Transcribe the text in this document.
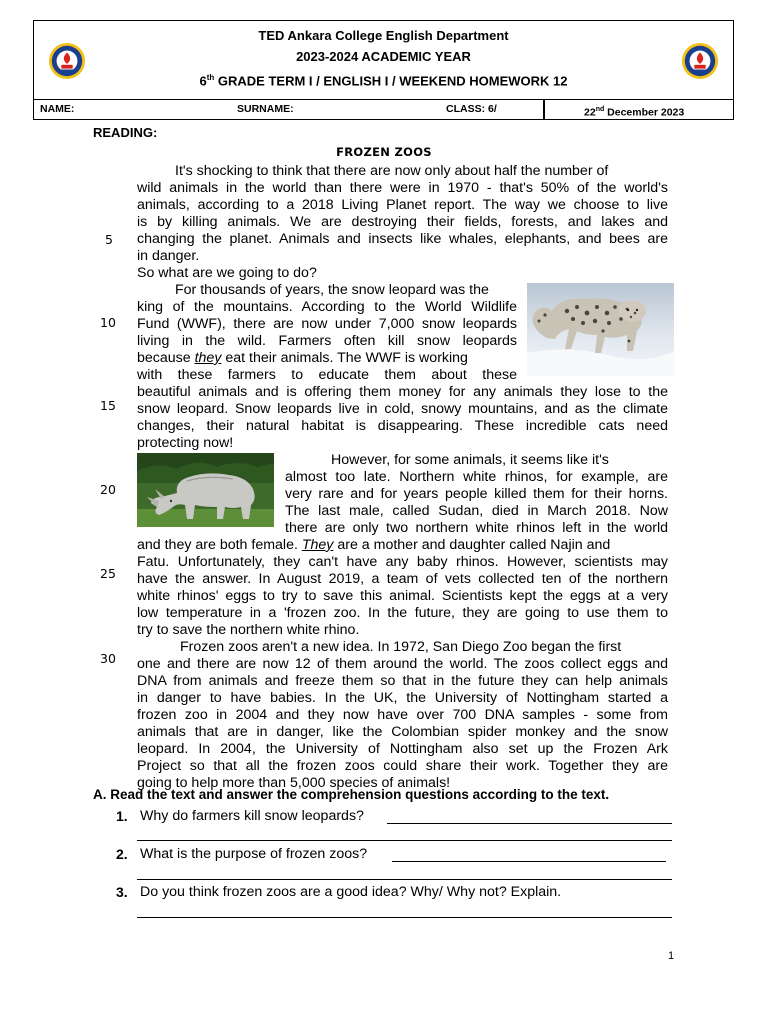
TED Ankara College English Department
2023-2024 ACADEMIC YEAR
6th GRADE TERM I / ENGLISH I / WEEKEND HOMEWORK 12
NAME:	SURNAME:	CLASS: 6/	22nd December 2023
READING:
FROZEN ZOOS
It's shocking to think that there are now only about half the number of
wild animals in the world than there were in 1970 - that's 50% of the world's
animals, according to a 2018 Living Planet report. The way we choose to live
is by killing animals. We are destroying their fields, forests, and lakes and
changing the planet. Animals and insects like whales, elephants, and bees are
in danger.
So what are we going to do?
For thousands of years, the snow leopard was the
king of the mountains. According to the World Wildlife
Fund (WWF), there are now under 7,000 snow leopards
living in the wild. Farmers often kill snow leopards
because they eat their animals. The WWF is working
with these farmers to educate them about these
beautiful animals and is offering them money for any animals they lose to the
snow leopard. Snow leopards live in cold, snowy mountains, and as the climate
changes, their natural habitat is disappearing. These incredible cats need
protecting now!
However, for some animals, it seems like it's
almost too late. Northern white rhinos, for example, are
very rare and for years people killed them for their horns.
The last male, called Sudan, died in March 2018. Now
there are only two northern white rhinos left in the world
and they are both female. They are a mother and daughter called Najin and
Fatu. Unfortunately, they can't have any baby rhinos. However, scientists may
have the answer. In August 2019, a team of vets collected ten of the northern
white rhinos' eggs to try to save this animal. Scientists kept the eggs at a very
low temperature in a 'frozen zoo. In the future, they are going to use them to
try to save the northern white rhino.
Frozen zoos aren't a new idea. In 1972, San Diego Zoo began the first
one and there are now 12 of them around the world. The zoos collect eggs and
DNA from animals and freeze them so that in the future they can help animals
in danger to have babies. In the UK, the University of Nottingham started a
frozen zoo in 2004 and they now have over 700 DNA samples - some from
animals that are in danger, like the Colombian spider monkey and the snow
leopard. In 2004, the University of Nottingham also set up the Frozen Ark
Project so that all the frozen zoos could share their work. Together they are
going to help more than 5,000 species of animals!
5
10
15
20
25
30
A. Read the text and answer the comprehension questions according to the text.
1. Why do farmers kill snow leopards?
2. What is the purpose of frozen zoos?
3. Do you think frozen zoos are a good idea? Why/ Why not? Explain.
1
